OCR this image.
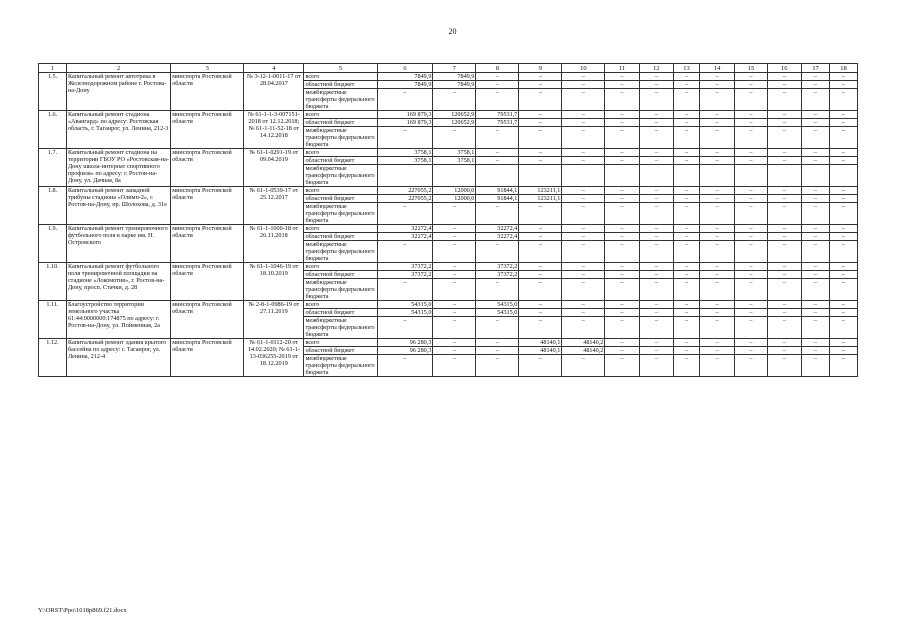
20
1	2	3	4	5	6	7	8	9	10	11	12	13	14	15	16	17	18
1.5.	Капитальный ремонт автотрека в Железнодорожном районе г. Ростова-на-Дону	минспорта Ростовской области	№ 3-12-1-0011-17 от 28.04.2017	всего	7849,9	7849,9	–	–	–	–	–	–	–	–	–	–	–
				областной бюджет	7849,9	7849,9	–	–	–	–	–	–	–	–	–	–	–
				межбюджетные трансферты федерального бюджета	–	–	–	–	–	–	–	–	–	–	–	–	–
1.6.	Капитальный ремонт стадиона «Авангард» по адресу: Ростовская область, г. Таганрог, ул. Ленина, 212-3	минспорта Ростовской области	№ 61-1-1-3-007151-2018 от 12.12.2018; № 61-1-11-52-18 от 14.12.2018	всего	169 879,3	120652,9	79531,7	–	–	–	–	–	–	–	–	–	–
				областной бюджет	169 879,3	120652,9	79531,7	–	–	–	–	–	–	–	–	–	–
				межбюджетные трансферты федерального бюджета	–	–	–	–	–	–	–	–	–	–	–	–	–
1.7.	Капитальный ремонт стадиона на территории ГБОУ РО «Ростовская-на-Дону школа-интернат спортивного профиля» по адресу: г. Ростов-на-Дону, ул. Дачная, 8а	минспорта Ростовской области	№ 61-1-0291-19 от 09.04.2019	всего	3758,1	3758,1	–	–	–	–	–	–	–	–	–	–	–
				областной бюджет	3758,1	3758,1	–	–	–	–	–	–	–	–	–	–	–
				межбюджетные трансферты федерального бюджета													
1.8.	Капитальный ремонт западной трибуны стадиона «Олимп-2», г. Ростов-на-Дону, пр. Шолохова, д. 31е	минспорта Ростовской области	№ 61-1-0539-17 от 25.12.2017	всего	227055,2	12000,0	91844,1	123211,1	–	–	–	–	–	–	–	–	–
				областной бюджет	227055,2	12000,0	91844,1	123211,1	–	–	–	–	–	–	–	–	–
				межбюджетные трансферты федерального бюджета	–	–	–	–	–	–	–	–	–	–	–	–	–
1.9.	Капитальный ремонт тренировочного футбольного поля в парке им. Н. Островского	минспорта Ростовской области	№ 61-1-1000-18 от 26.11.2018	всего	32272,4	–	32272,4	–	–	–	–	–	–	–	–	–	–
				областной бюджет	32272,4	–	32272,4	–	–	–	–	–	–	–	–	–	–
				межбюджетные трансферты федерального бюджета	–	–	–	–	–	–	–	–	–	–	–	–	–
1.10.	Капитальный ремонт футбольного поля тренировочной площадки на стадионе «Локомотив», г. Ростов-на-Дону, просп. Стачки, д. 28	минспорта Ростовской области	№ 61-1-1046-19 от 18.10.2019	всего	37372,2	–	37372,2	–	–	–	–	–	–	–	–	–	–
				областной бюджет	37372,2	–	37372,2	–	–	–	–	–	–	–	–	–	–
				межбюджетные трансферты федерального бюджета	–	–	–	–	–	–	–	–	–	–	–	–	–
1.11.	Благоустройство территории земельного участка 61:44:0000000:174875 по адресу: г. Ростов-на-Дону, ул. Пойменная, 2а	минспорта Ростовской области	№ 2-8-1-0986-19 от 27.11.2019	всего	54315,0	–	54315,0	–	–	–	–	–	–	–	–	–	–
				областной бюджет	54315,0	–	54315,0	–	–	–	–	–	–	–	–	–	–
				межбюджетные трансферты федерального бюджета	–	–	–	–	–	–	–	–	–	–	–	–	–
1.12.	Капитальный ремонт здания крытого бассейна по адресу: г. Таганрог, ул. Ленина, 212-4	минспорта Ростовской области	№ 61-1-0112-20 от 14.02.2020; № 61-1-13-036255-2019 от 18.12.2019	всего	96 280,3	–	–	48140,1	48140,2	–	–	–	–	–	–	–	–
				областной бюджет	96 280,3	–	–	48140,1	48140,2	–	–	–	–	–	–	–	–
				межбюджетные трансферты федерального бюджета	–	–	–	–	–	–	–	–	–	–	–	–	–
Y:\ORST\Ppo\1018p869.f21.docx
